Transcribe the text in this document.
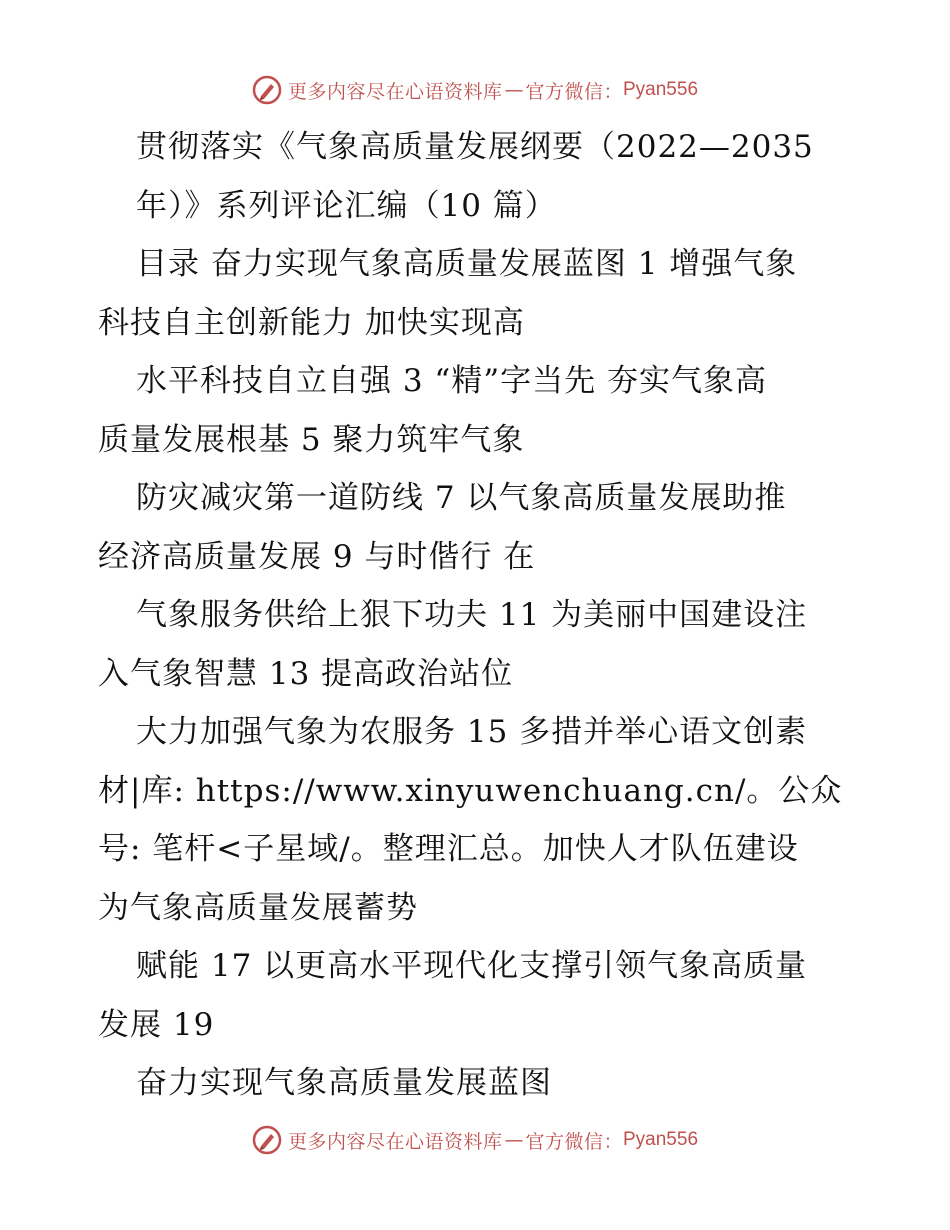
更多内容尽在心语资料库 — 官方微信： Pyan556
贯彻落实《气象高质量发展纲要（2022—2035
年）》系列评论汇编（10 篇）
目录 奋力实现气象高质量发展蓝图 1 增强气象
科技自主创新能力 加快实现高
水平科技自立自强 3 “精”字当先 夯实气象高
质量发展根基 5 聚力筑牢气象
防灾减灾第一道防线 7 以气象高质量发展助推
经济高质量发展 9 与时偕行 在
气象服务供给上狠下功夫 11 为美丽中国建设注
入气象智慧 13 提高政治站位
大力加强气象为农服务 15 多措并举心语文创素
材|库: https://www.xinyuwenchuang.cn/。公众
号: 笔杆<子星域/。整理汇总。加快人才队伍建设
为气象高质量发展蓄势
赋能 17 以更高水平现代化支撑引领气象高质量
发展 19
奋力实现气象高质量发展蓝图
更多内容尽在心语资料库 — 官方微信： Pyan556
